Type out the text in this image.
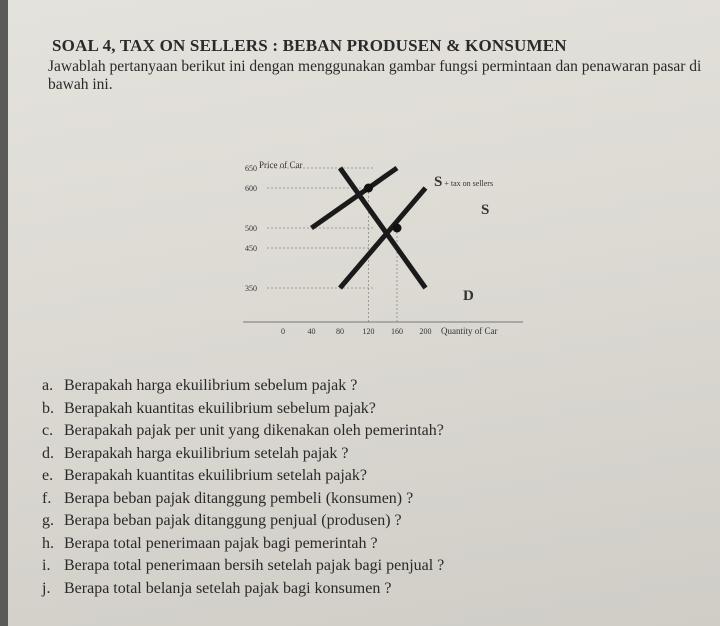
SOAL 4, TAX ON SELLERS : BEBAN PRODUSEN & KONSUMEN
Jawablah pertanyaan berikut ini dengan menggunakan gambar fungsi permintaan dan penawaran pasar di bawah ini.
650
600
500
450
350
0	40	80 120 160 200
Price of Car
Quantity of Car
S + tax on sellers
S
D
a. Berapakah harga ekuilibrium sebelum pajak ?
b. Berapakah kuantitas ekuilibrium sebelum pajak?
c. Berapakah pajak per unit yang dikenakan oleh pemerintah?
d. Berapakah harga ekuilibrium setelah pajak ?
e. Berapakah kuantitas ekuilibrium setelah pajak?
f. Berapa beban pajak ditanggung pembeli (konsumen) ?
g. Berapa beban pajak ditanggung penjual (produsen) ?
h. Berapa total penerimaan pajak bagi pemerintah ?
i. Berapa total penerimaan bersih setelah pajak bagi penjual ?
j. Berapa total belanja setelah pajak bagi konsumen ?
